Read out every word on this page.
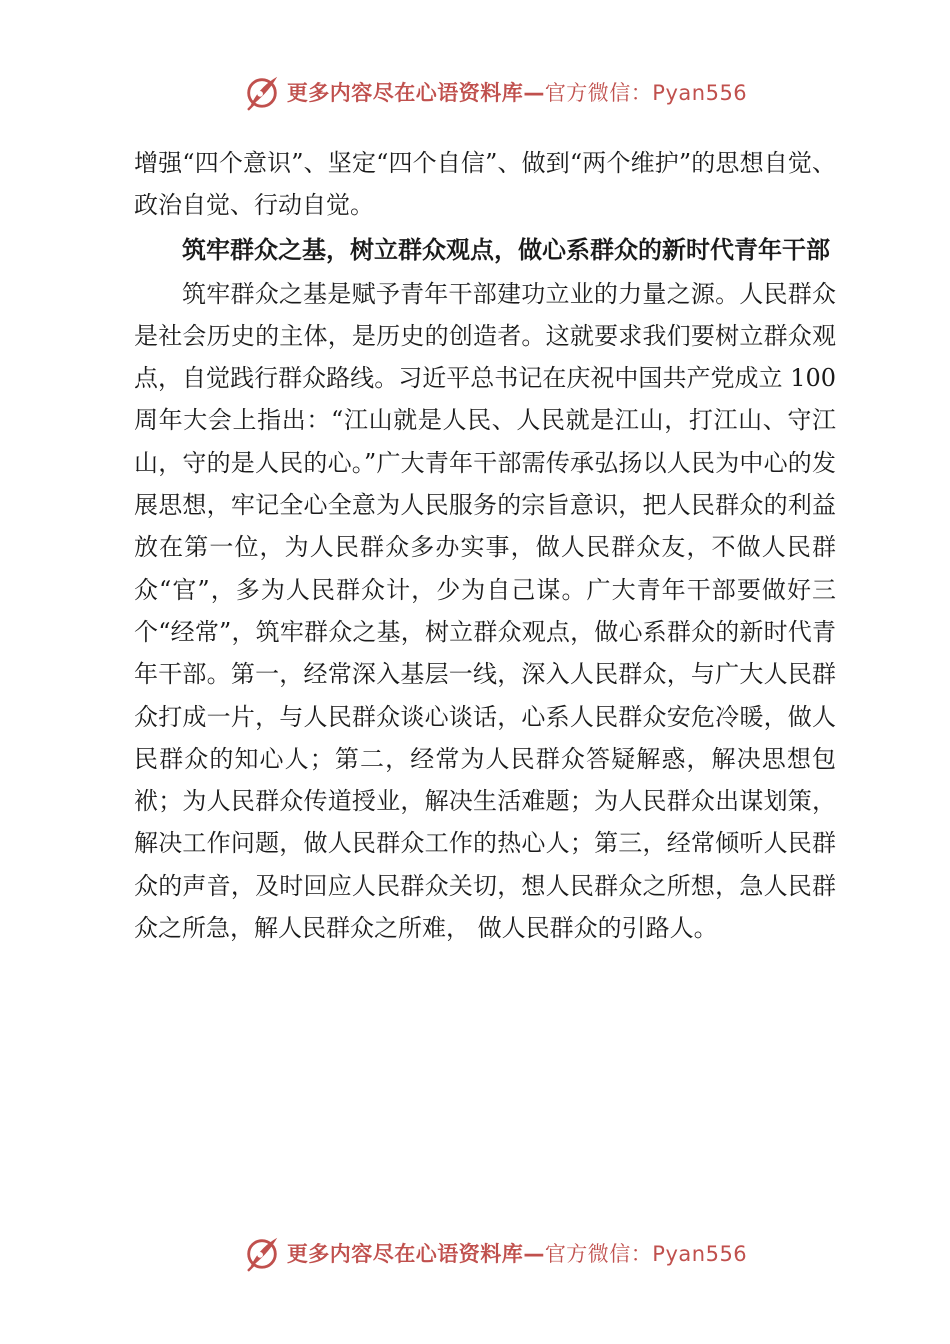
更多内容尽在心语资料库—官方微信：Pyan556

增强“四个意识”、坚定“四个自信”、做到“两个维护”的思想自觉、政治自觉、行动自觉。

筑牢群众之基，树立群众观点，做心系群众的新时代青年干部

筑牢群众之基是赋予青年干部建功立业的力量之源。人民群众是社会历史的主体，是历史的创造者。这就要求我们要树立群众观点，自觉践行群众路线。习近平总书记在庆祝中国共产党成立 100 周年大会上指出：“江山就是人民、人民就是江山，打江山、守江山，守的是人民的心。”广大青年干部需传承弘扬以人民为中心的发展思想，牢记全心全意为人民服务的宗旨意识，把人民群众的利益放在第一位，为人民群众多办实事，做人民群众友，不做人民群众“官”，多为人民群众计，少为自己谋。广大青年干部要做好三个“经常”，筑牢群众之基，树立群众观点，做心系群众的新时代青年干部。第一，经常深入基层一线，深入人民群众，与广大人民群众打成一片，与人民群众谈心谈话，心系人民群众安危冷暖，做人民群众的知心人；第二，经常为人民群众答疑解惑，解决思想包袱；为人民群众传道授业，解决生活难题；为人民群众出谋划策，解决工作问题，做人民群众工作的热心人；第三，经常倾听人民群众的声音，及时回应人民群众关切，想人民群众之所想，急人民群众之所急，解人民群众之所难， 做人民群众的引路人。

更多内容尽在心语资料库—官方微信：Pyan556
